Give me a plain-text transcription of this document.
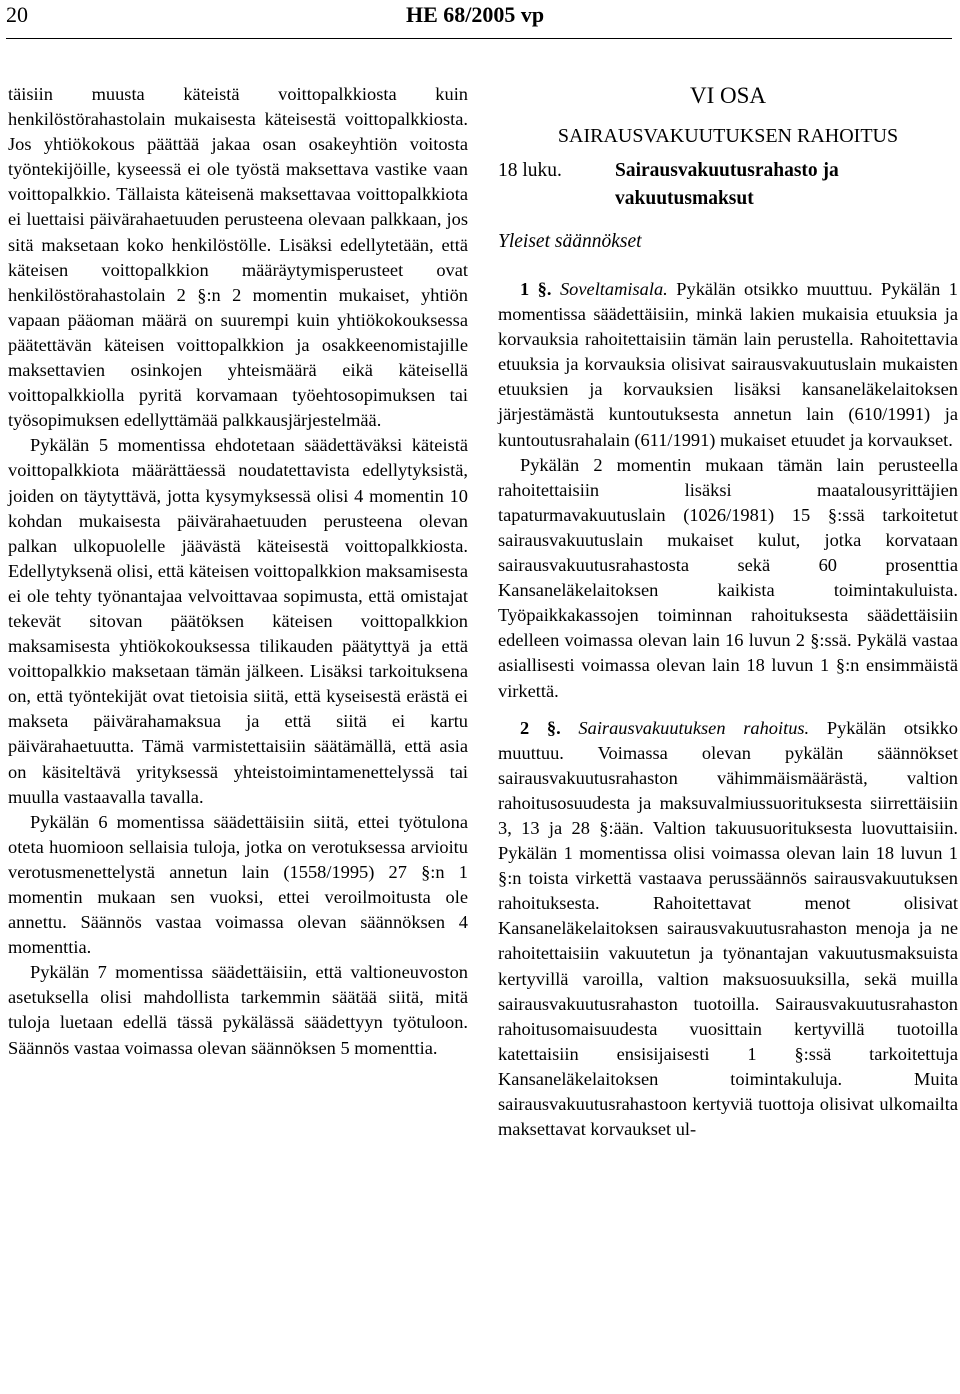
20	HE 68/2005 vp

täisiin muusta käteistä voittopalkkiosta kuin henkilöstörahastolain mukaisesta käteisestä voittopalkkiosta. Jos yhtiökokous päättää jakaa osan osakeyhtiön voitosta työntekijöille, kyseessä ei ole työstä maksettava vastike vaan voittopalkkio. Tällaista käteisenä maksettavaa voittopalkkiota ei luettaisi päivärahaetuuden perusteena olevaan palkkaan, jos sitä maksetaan koko henkilöstölle. Lisäksi edellytetään, että käteisen voittopalkkion määräytymisperusteet ovat henkilöstörahastolain 2 §:n 2 momentin mukaiset, yhtiön vapaan pääoman määrä on suurempi kuin yhtiökokouksessa päätettävän käteisen voittopalkkion ja osakkeenomistajille maksettavien osinkojen yhteismäärä eikä käteisellä voittopalkkiolla pyritä korvamaan työehtosopimuksen tai työsopimuksen edellyttämää palkkausjärjestelmää.

Pykälän 5 momentissa ehdotetaan säädettäväksi käteistä voittopalkkiota määrättäessä noudatettavista edellytyksistä, joiden on täytyttävä, jotta kysymyksessä olisi 4 momentin 10 kohdan mukaisesta päivärahaetuuden perusteena olevan palkan ulkopuolelle jäävästä käteisestä voittopalkkiosta. Edellytyksenä olisi, että käteisen voittopalkkion maksamisesta ei ole tehty työnantajaa velvoittavaa sopimusta, että omistajat tekevät sitovan päätöksen käteisen voittopalkkion maksamisesta yhtiökokouksessa tilikauden päätyttyä ja että voittopalkkio maksetaan tämän jälkeen. Lisäksi tarkoituksena on, että työntekijät ovat tietoisia siitä, että kyseisestä erästä ei makseta päivärahamaksua ja että siitä ei kartu päivärahaetuutta. Tämä varmistettaisiin säätämällä, että asia on käsiteltävä yrityksessä yhteistoimintamenettelyssä tai muulla vastaavalla tavalla.

Pykälän 6 momentissa säädettäisiin siitä, ettei työtulona oteta huomioon sellaisia tuloja, jotka on verotuksessa arvioitu verotusmenettelystä annetun lain (1558/1995) 27 §:n 1 momentin mukaan sen vuoksi, ettei veroilmoitusta ole annettu. Säännös vastaa voimassa olevan säännöksen 4 momenttia.

Pykälän 7 momentissa säädettäisiin, että valtioneuvoston asetuksella olisi mahdollista tarkemmin säätää siitä, mitä tuloja luetaan edellä tässä pykälässä säädettyyn työtuloon. Säännös vastaa voimassa olevan säännöksen 5 momenttia.

VI OSA
SAIRAUSVAKUUTUKSEN RAHOITUS
18 luku.	Sairausvakuutusrahasto ja vakuutusmaksut
Yleiset säännökset

1 §. Soveltamisala. Pykälän otsikko muuttuu. Pykälän 1 momentissa säädettäisiin, minkä lakien mukaisia etuuksia ja korvauksia rahoitettaisiin tämän lain perustella. Rahoitettavia etuuksia ja korvauksia olisivat sairausvakuutuslain mukaisten etuuksien ja korvauksien lisäksi kansaneläkelaitoksen järjestämästä kuntoutuksesta annetun lain (610/1991) ja kuntoutusrahalain (611/1991) mukaiset etuudet ja korvaukset.

Pykälän 2 momentin mukaan tämän lain perusteella rahoitettaisiin lisäksi maatalousyrittäjien tapaturmavakuutuslain (1026/1981) 15 §:ssä tarkoitetut sairausvakuutuslain mukaiset kulut, jotka korvataan sairausvakuutusrahastosta sekä 60 prosenttia Kansaneläkelaitoksen kaikista toimintakuluista. Työpaikkakassojen toiminnan rahoituksesta säädettäisiin edelleen voimassa olevan lain 16 luvun 2 §:ssä. Pykälä vastaa asiallisesti voimassa olevan lain 18 luvun 1 §:n ensimmäistä virkettä.

2 §. Sairausvakuutuksen rahoitus. Pykälän otsikko muuttuu. Voimassa olevan pykälän säännökset sairausvakuutusrahaston vähimmäismäärästä, valtion rahoitusosuudesta ja maksuvalmiussuorituksesta siirrettäisiin 3, 13 ja 28 §:ään. Valtion takuusuorituksesta luovuttaisiin. Pykälän 1 momentissa olisi voimassa olevan lain 18 luvun 1 §:n toista virkettä vastaava perussäännös sairausvakuutuksen rahoituksesta. Rahoitettavat menot olisivat Kansaneläkelaitoksen sairausvakuutusrahaston menoja ja ne rahoitettaisiin vakuutetun ja työnantajan vakuutusmaksuista kertyvillä varoilla, valtion maksuosuuksilla, sekä muilla sairausvakuutusrahaston tuotoilla. Sairausvakuutusrahaston rahoitusomaisuudesta vuosittain kertyvillä tuotoilla katettaisiin ensisijaisesti 1 §:ssä tarkoitettuja Kansaneläkelaitoksen toimintakuluja. Muita sairausvakuutusrahastoon kertyviä tuottoja olisivat ulkomailta maksettavat korvaukset ul-
